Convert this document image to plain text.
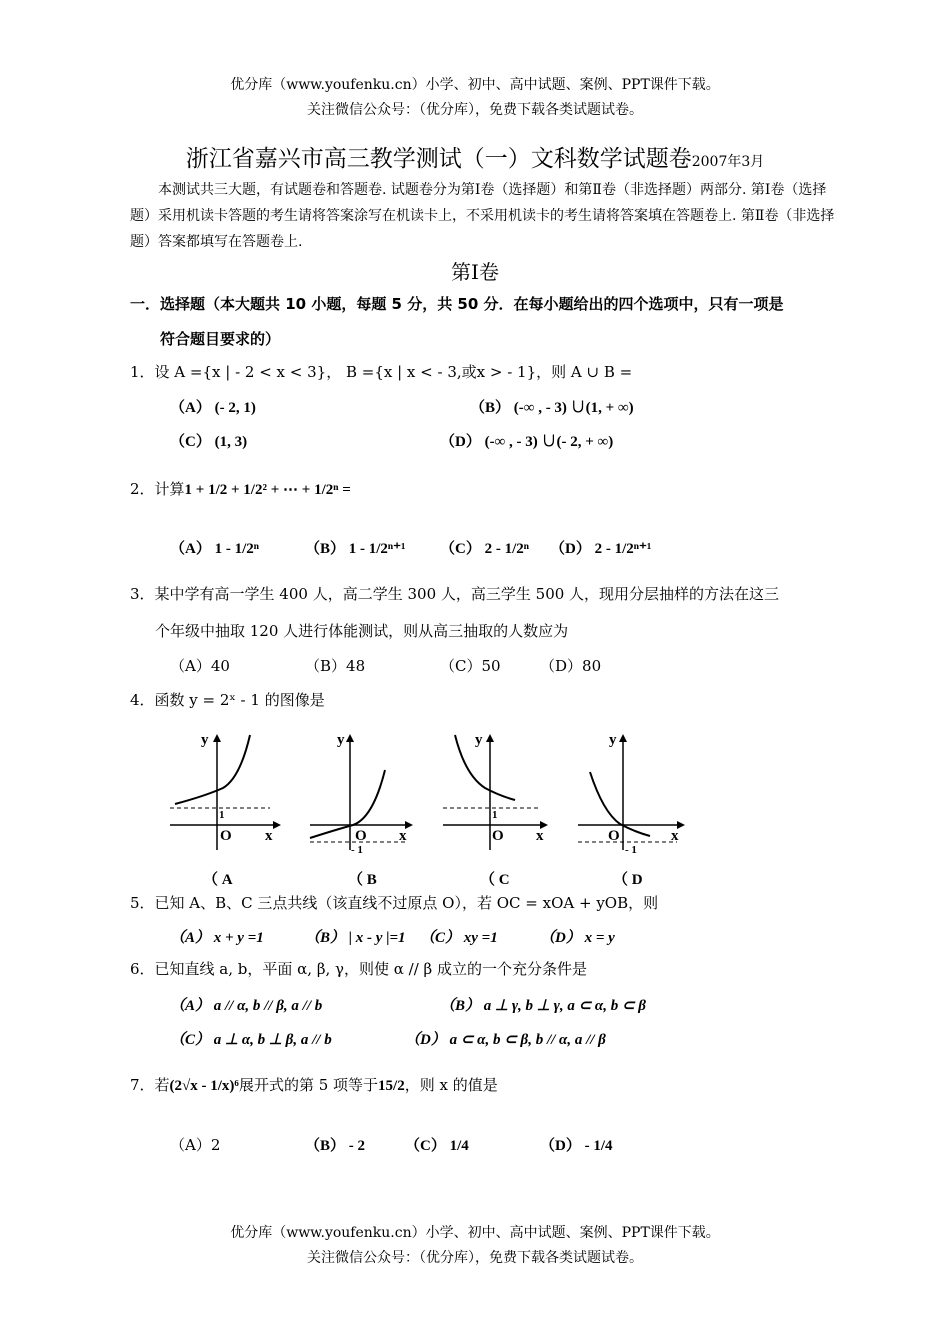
优分库（www.youfenku.cn）小学、初中、高中试题、案例、PPT课件下载。
关注微信公众号：（优分库），免费下载各类试题试卷。
浙江省嘉兴市高三教学测试（一）文科数学试题卷2007年3月
本测试共三大题，有试题卷和答题卷. 试题卷分为第Ⅰ卷（选择题）和第Ⅱ卷（非选择题）两部分. 第Ⅰ卷（选择题）采用机读卡答题的考生请将答案涂写在机读卡上，不采用机读卡的考生请将答案填在答题卷上. 第Ⅱ卷（非选择题）答案都填写在答题卷上.
第Ⅰ卷
一．选择题（本大题共 10 小题，每题 5 分，共 50 分．在每小题给出的四个选项中，只有一项是
符合题目要求的）
1．设 A ={x | - 2 < x < 3}， B ={x | x < - 3,或x > - 1}，则 A ∪ B =
（A） (- 2, 1)	（B） (-∞ , - 3) ∪(1, + ∞)
（C） (1, 3)	（D） (-∞ , - 3) ∪(- 2, + ∞)
2．计算1 + 1/2 + 1/2² + ⋯ + 1/2ⁿ =
（A） 1 - 1/2ⁿ	（B） 1 - 1/2ⁿ⁺¹ （C） 2 - 1/2ⁿ （D） 2 - 1/2ⁿ⁺¹
3．某中学有高一学生 400 人，高二学生 300 人，高三学生 500 人，现用分层抽样的方法在这三
个年级中抽取 120 人进行体能测试，则从高三抽取的人数应为
（A）40	（B）48	（C）50	（D）80
4．函数 y = 2ˣ - 1 的图像是
y
O x
1
（ A
y
O x
- 1
（ B
y
O x
1
（ C
y
O	x
- 1
（ D
5．已知 A、B、C 三点共线（该直线不过原点 O），若 OC = xOA + yOB，则
（A） x + y =1	（B） | x - y |=1 （C） xy =1	（D） x = y
6．已知直线 a, b，平面 α, β, γ，则使 α // β 成立的一个充分条件是
（A） a // α, b // β, a // b	（B） a ⊥ γ, b ⊥ γ, a ⊂ α, b ⊂ β
（C） a ⊥ α, b ⊥ β, a // b	（D） a ⊂ α, b ⊂ β, b // α, a // β
7．若(2√x - 1/x)⁶展开式的第 5 项等于15/2，则 x 的值是
（A）2	（B） - 2	（C） 1/4	（D） - 1/4
优分库（www.youfenku.cn）小学、初中、高中试题、案例、PPT课件下载。
关注微信公众号：（优分库），免费下载各类试题试卷。
